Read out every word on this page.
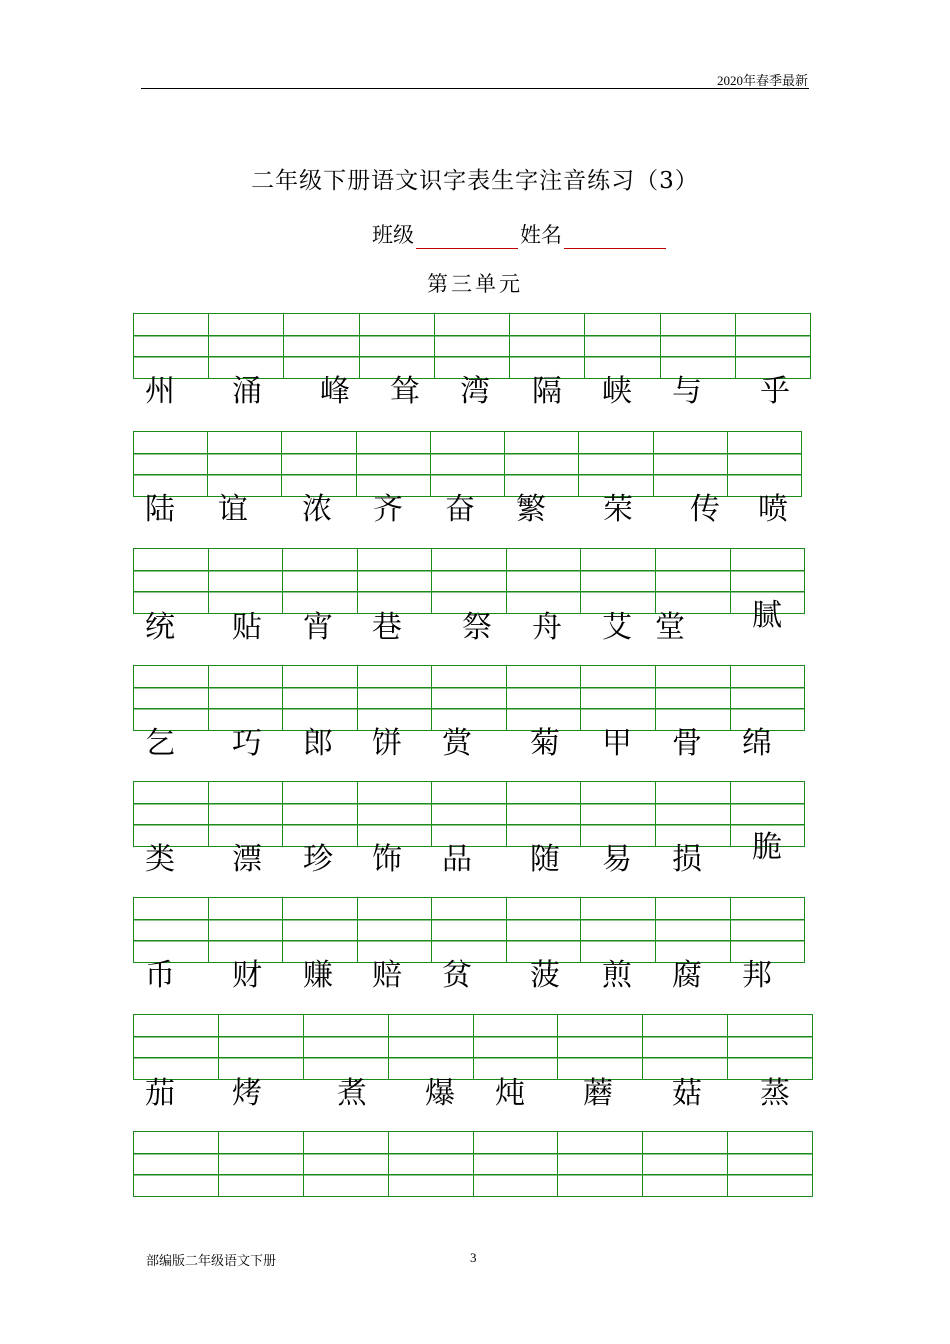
2020年春季最新
二年级下册语文识字表生字注音练习（3）
班级	姓名
第三单元
州 涌 峰 耸 湾 隔 峡 与 乎
陆 谊 浓 齐 奋 繁 荣 传 喷
统 贴 宵 巷 祭 舟 艾 堂 腻
乞 巧 郎 饼 赏 菊 甲 骨 绵
类 漂 珍 饰 品 随 易 损 脆
币 财 赚 赔 贫 菠 煎 腐 邦
茄 烤	煮 爆 炖 蘑 菇 蒸
部编版二年级语文下册	3
